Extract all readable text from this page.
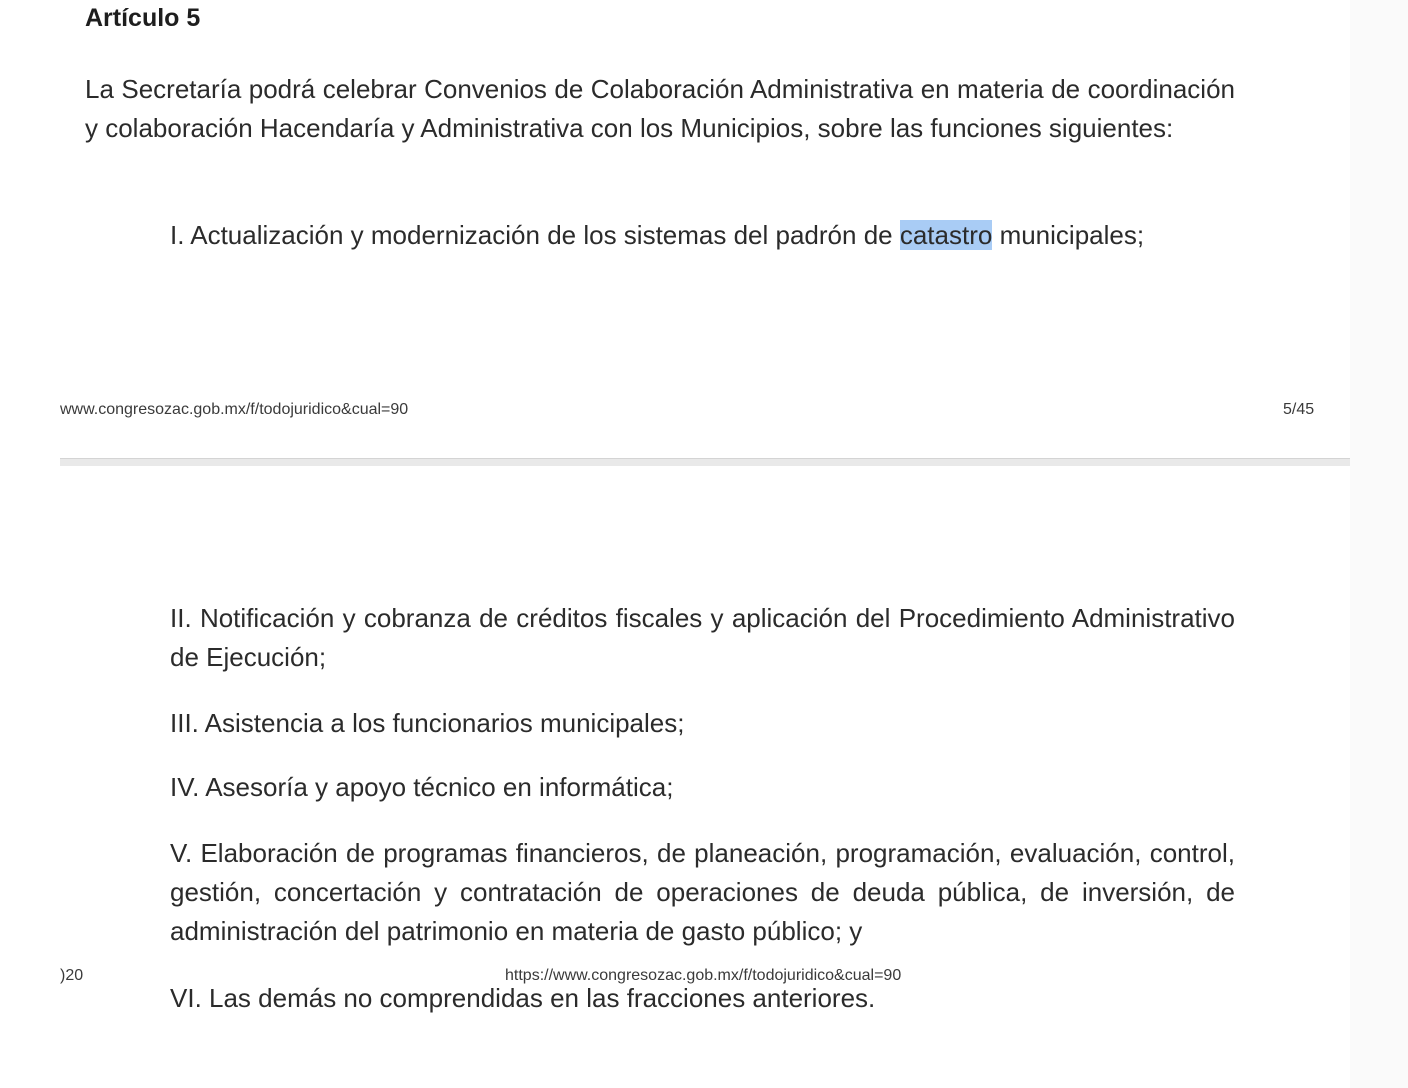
Artículo 5

La Secretaría podrá celebrar Convenios de Colaboración Administrativa en materia de coordinación y colaboración Hacendaría y Administrativa con los Municipios, sobre las funciones siguientes:

I. Actualización y modernización de los sistemas del padrón de catastro municipales;

www.congresozac.gob.mx/f/todojuridico&cual=90	5/45
)20	https://www.congresozac.gob.mx/f/todojuridico&cual=90

II. Notificación y cobranza de créditos fiscales y aplicación del Procedimiento Administrativo de Ejecución;

III. Asistencia a los funcionarios municipales;

IV. Asesoría y apoyo técnico en informática;

V. Elaboración de programas financieros, de planeación, programación, evaluación, control, gestión, concertación y contratación de operaciones de deuda pública, de inversión, de administración del patrimonio en materia de gasto público; y

VI. Las demás no comprendidas en las fracciones anteriores.
